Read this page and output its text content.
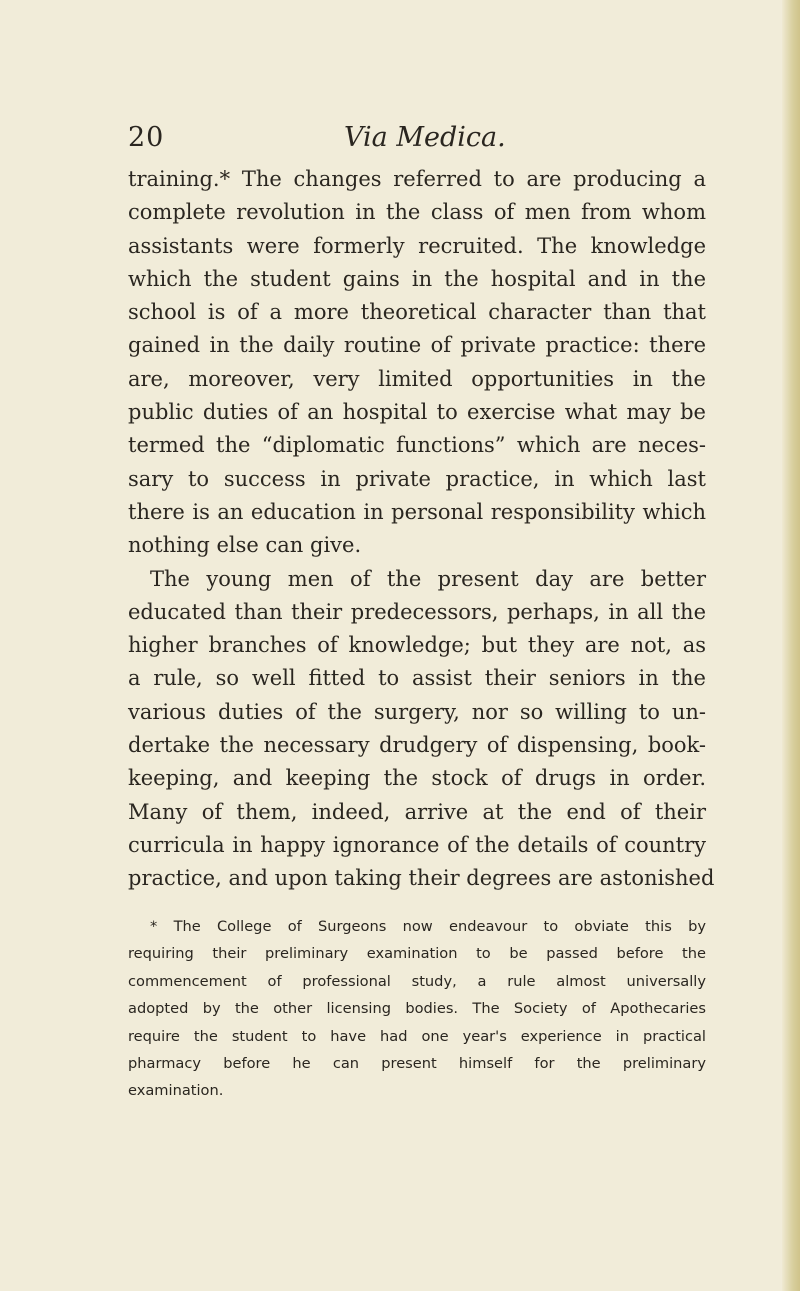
20	Via Medica.
training.* The changes referred to are producing a
complete revolution in the class of men from whom
assistants were formerly recruited. The knowledge
which the student gains in the hospital and in the
school is of a more theoretical character than that
gained in the daily routine of private practice: there
are, moreover, very limited opportunities in the
public duties of an hospital to exercise what may be
termed the “diplomatic functions” which are neces-
sary to success in private practice, in which last
there is an education in personal responsibility which
nothing else can give.
The young men of the present day are better
educated than their predecessors, perhaps, in all the
higher branches of knowledge; but they are not, as
a rule, so well fitted to assist their seniors in the
various duties of the surgery, nor so willing to un-
dertake the necessary drudgery of dispensing, book-
keeping, and keeping the stock of drugs in order.
Many of them, indeed, arrive at the end of their
curricula in happy ignorance of the details of country
practice, and upon taking their degrees are astonished
* The College of Surgeons now endeavour to obviate this by
requiring their preliminary examination to be passed before the
commencement of professional study, a rule almost universally
adopted by the other licensing bodies. The Society of Apothecaries
require the student to have had one year's experience in practical
pharmacy before he can present himself for the preliminary
examination.
